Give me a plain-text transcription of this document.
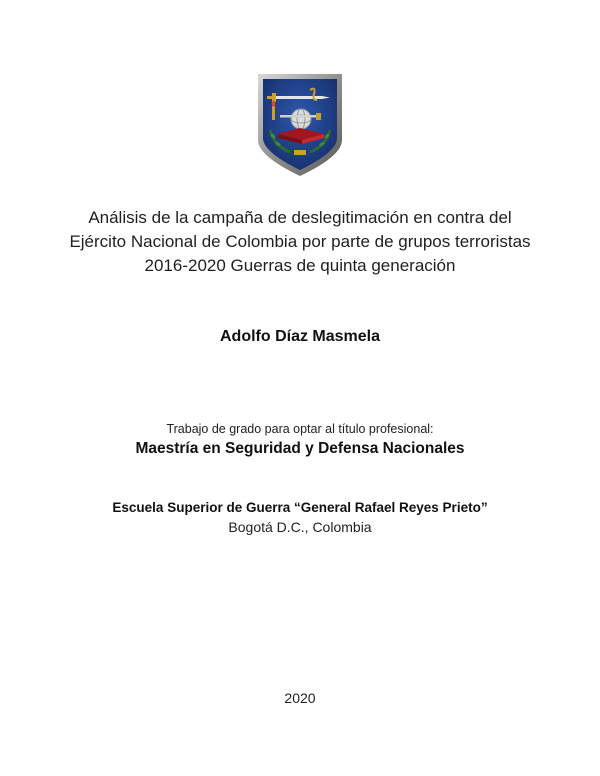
Análisis de la campaña de deslegitimación en contra del Ejército Nacional de Colombia por parte de grupos terroristas 2016-2020 Guerras de quinta generación
Adolfo Díaz Masmela
Trabajo de grado para optar al título profesional:
Maestría en Seguridad y Defensa Nacionales
Escuela Superior de Guerra “General Rafael Reyes Prieto”
Bogotá D.C., Colombia
2020
